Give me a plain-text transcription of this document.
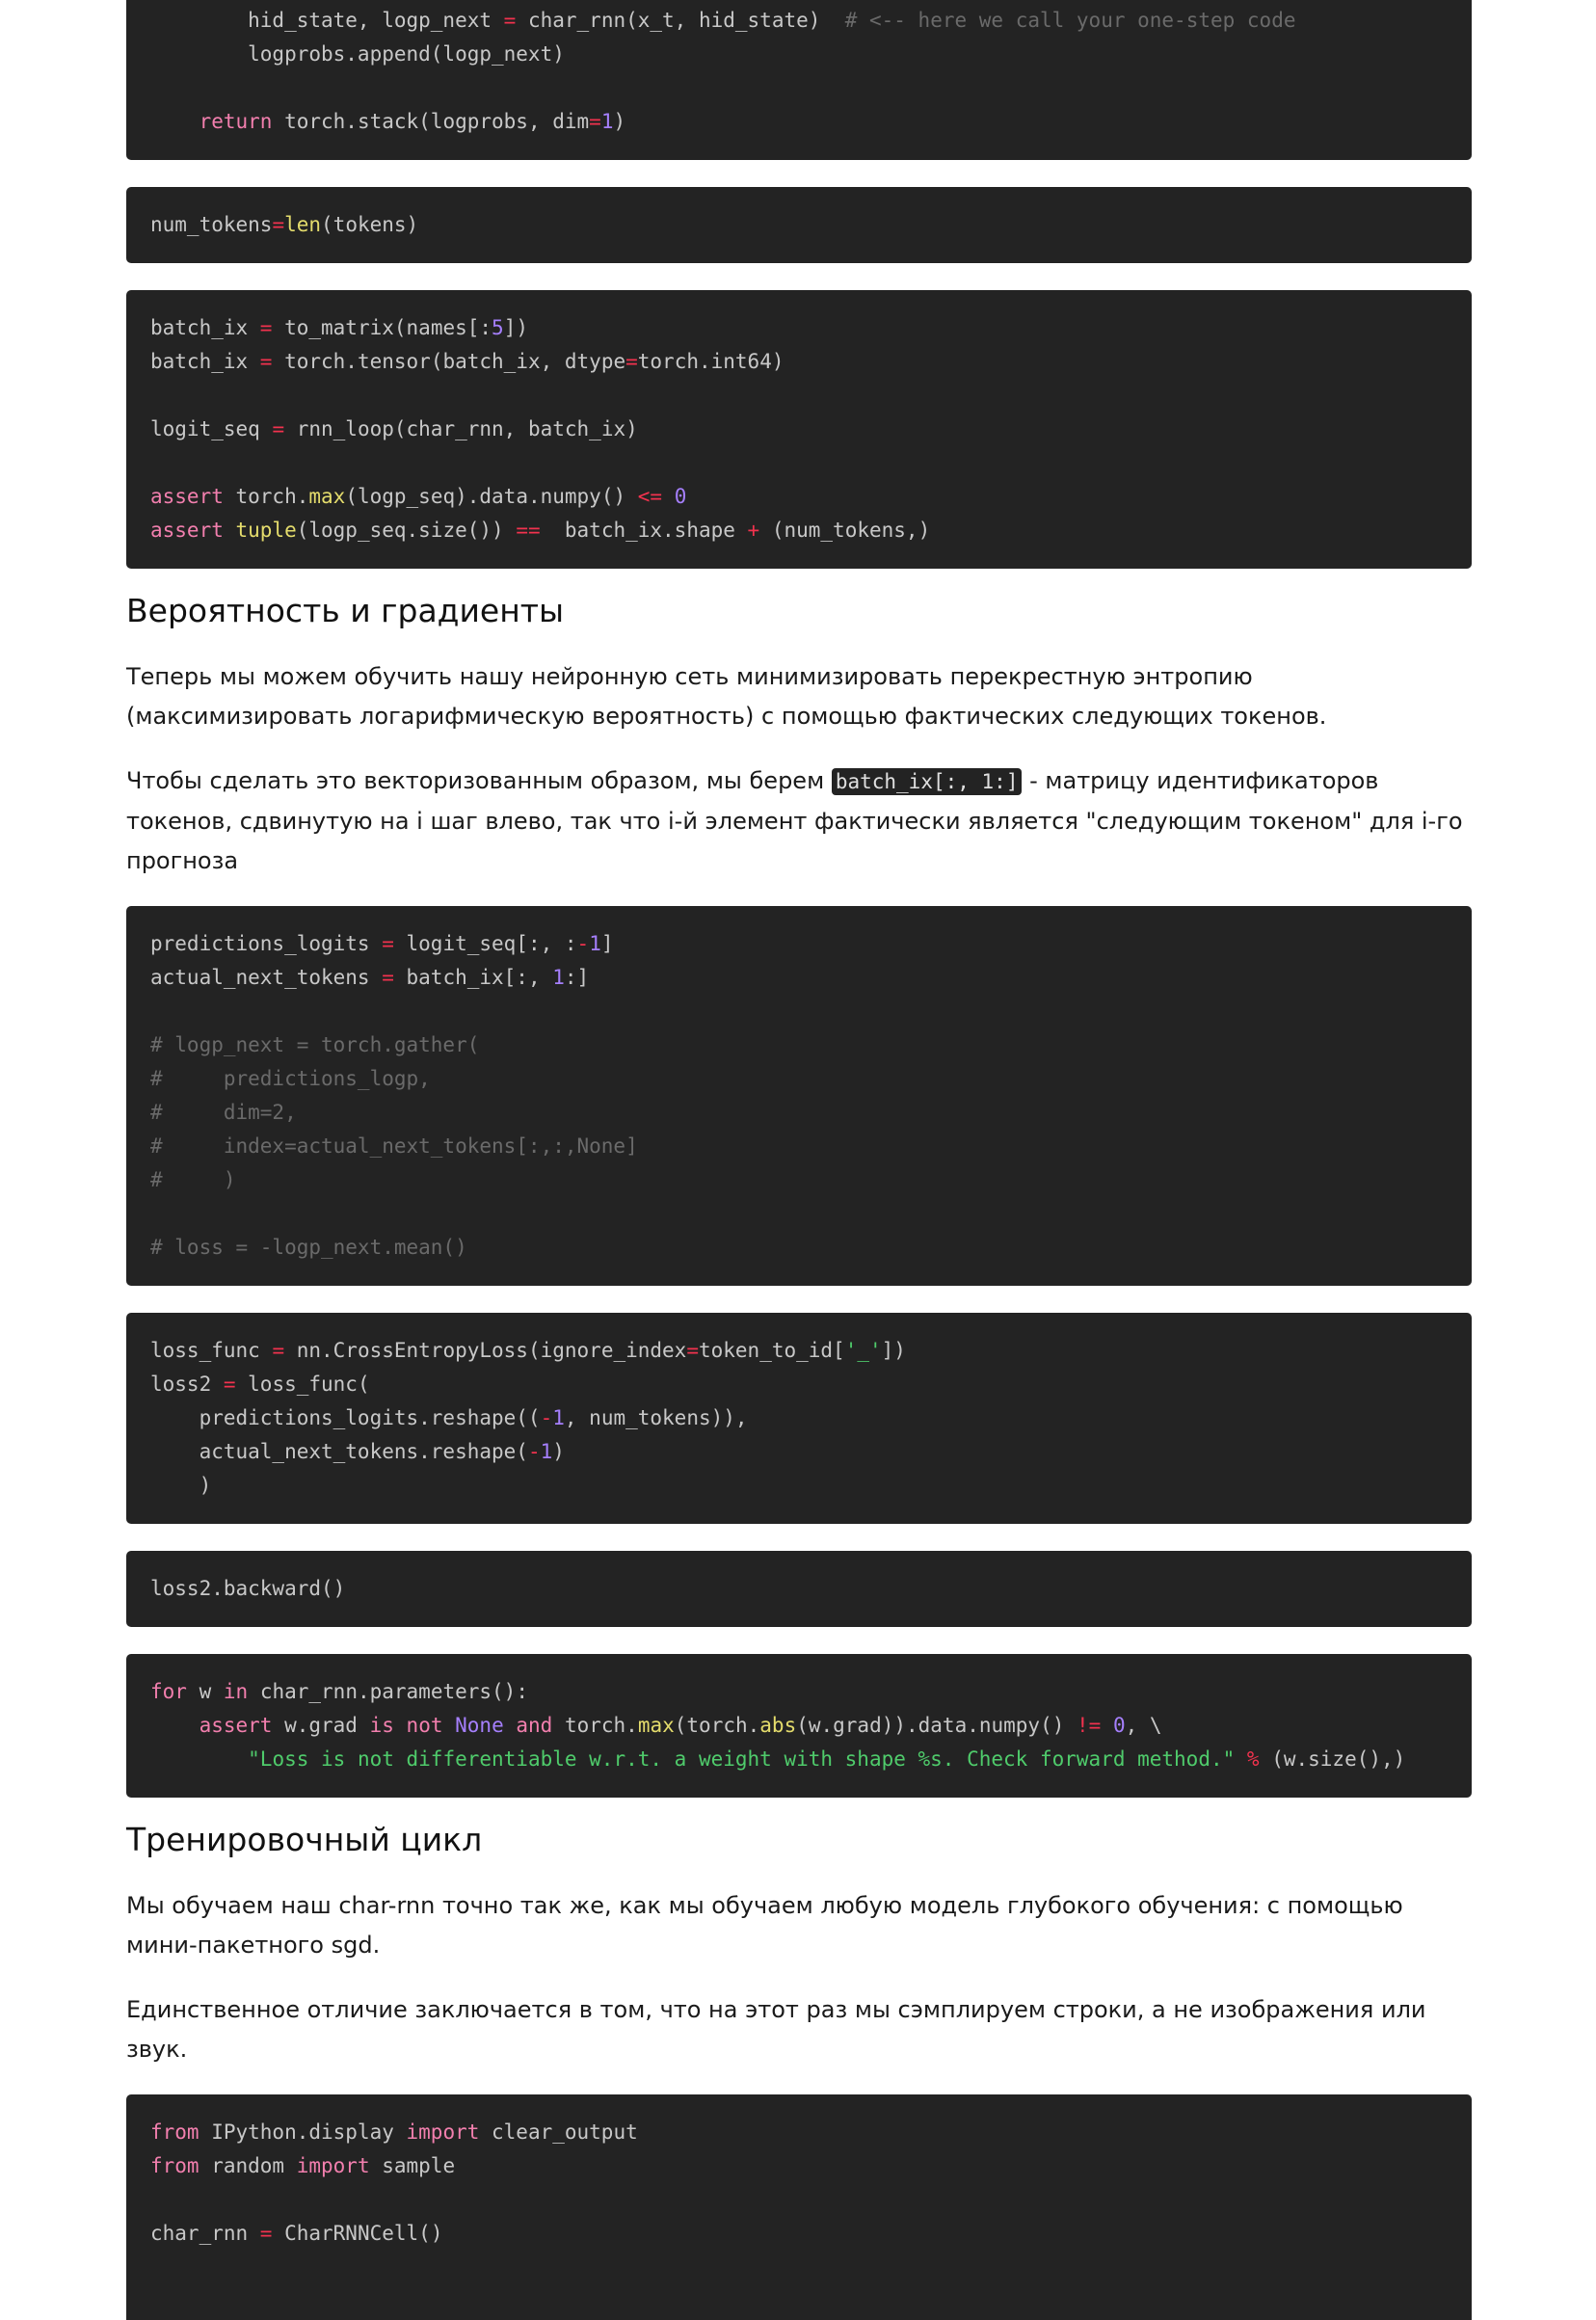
hid_state, logp_next = char_rnn(x_t, hid_state)  # <-- here we call your one-step code
logprobs.append(logp_next)
return torch.stack(logprobs, dim=1)
num_tokens=len(tokens)
batch_ix = to_matrix(names[:5])
batch_ix = torch.tensor(batch_ix, dtype=torch.int64)
logit_seq = rnn_loop(char_rnn, batch_ix)
assert torch.max(logp_seq).data.numpy() <= 0
assert tuple(logp_seq.size()) ==  batch_ix.shape + (num_tokens,)
Вероятность и градиенты

Теперь мы можем обучить нашу нейронную сеть минимизировать перекрестную энтропию (максимизировать логарифмическую вероятность) с помощью фактических следующих токенов.

Чтобы сделать это векторизованным образом, мы берем batch_ix[:, 1:] - матрицу идентификаторов токенов, сдвинутую на i шаг влево, так что i-й элемент фактически является "следующим токеном" для i-го прогноза

predictions_logits = logit_seq[:, :-1]
actual_next_tokens = batch_ix[:, 1:]
# logp_next = torch.gather(
#     predictions_logp,
#     dim=2,
#     index=actual_next_tokens[:,:,None]
#     )
# loss = -logp_next.mean()
loss_func = nn.CrossEntropyLoss(ignore_index=token_to_id['_'])
loss2 = loss_func(
predictions_logits.reshape((-1, num_tokens)),
actual_next_tokens.reshape(-1)
)
loss2.backward()
for w in char_rnn.parameters():
assert w.grad is not None and torch.max(torch.abs(w.grad)).data.numpy() != 0, \
"Loss is not differentiable w.r.t. a weight with shape %s. Check forward method." % (w.size(),)
Тренировочный цикл

Мы обучаем наш char-rnn точно так же, как мы обучаем любую модель глубокого обучения: с помощью мини-пакетного sgd.

Единственное отличие заключается в том, что на этот раз мы сэмплируем строки, а не изображения или звук.

from IPython.display import clear_output
from random import sample
char_rnn = CharRNNCell()
